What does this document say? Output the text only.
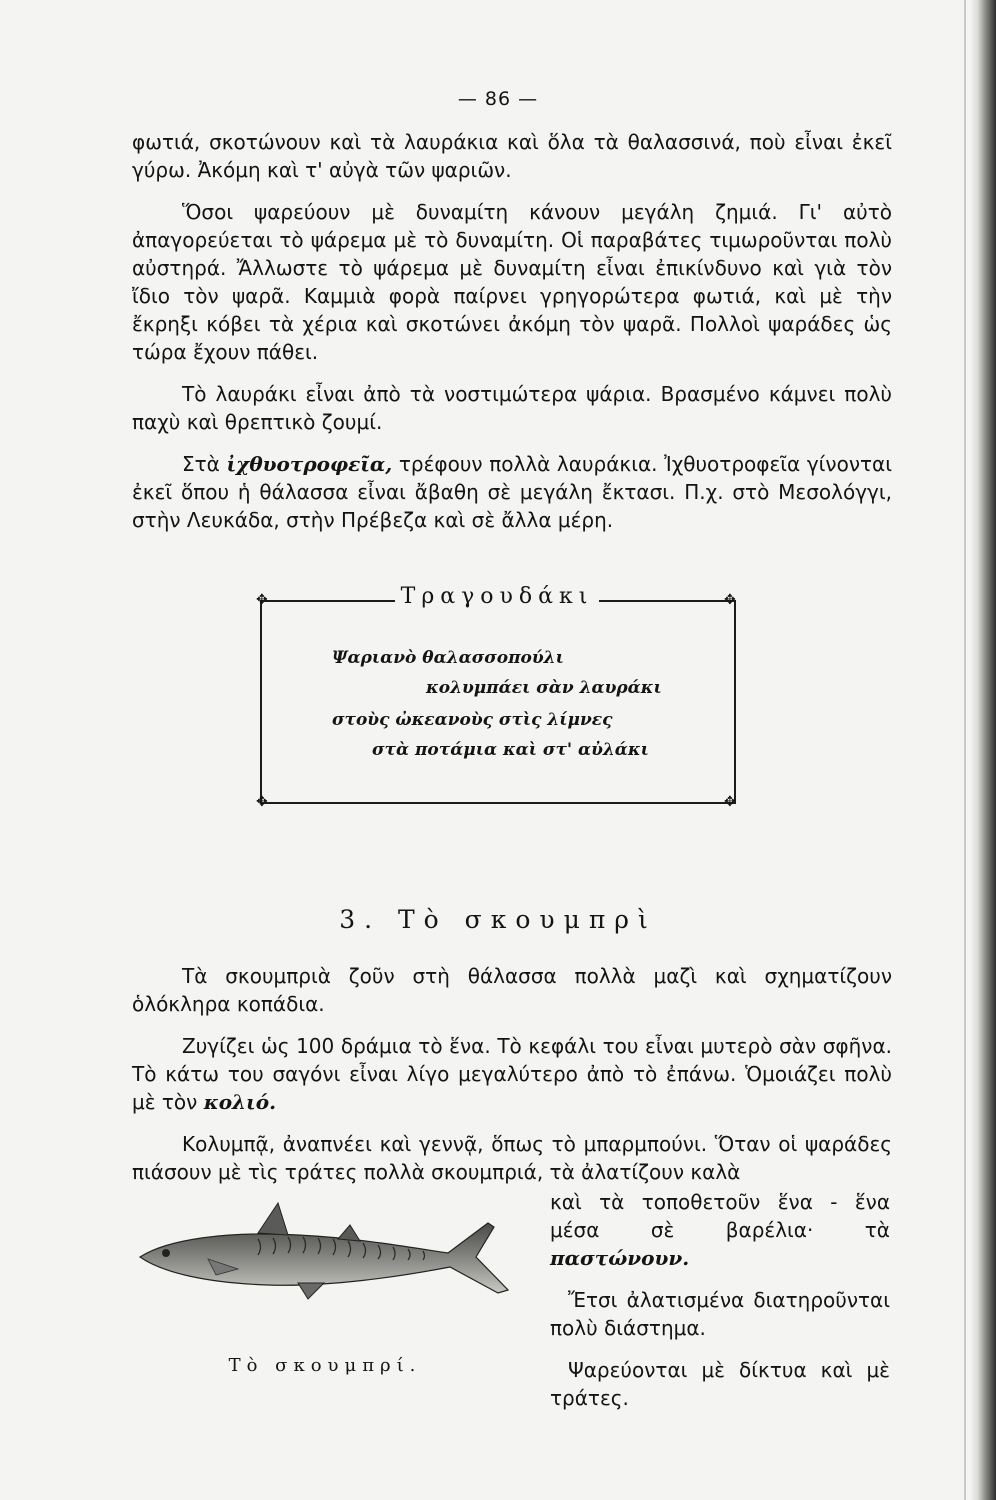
— 86 —

φωτιά, σκοτώνουν καὶ τὰ λαυράκια καὶ ὅλα τὰ θαλασσινά, ποὺ εἶναι ἐκεῖ γύρω. Ἀκόμη καὶ τ' αὐγὰ τῶν ψαριῶν.

Ὅσοι ψαρεύουν μὲ δυναμίτη κάνουν μεγάλη ζημιά. Γι' αὐτὸ ἀπαγορεύεται τὸ ψάρεμα μὲ τὸ δυναμίτη. Οἱ παραβάτες τιμωροῦνται πολὺ αὐστηρά. Ἄλλωστε τὸ ψάρεμα μὲ δυναμίτη εἶναι ἐπικίνδυνο καὶ γιὰ τὸν ἴδιο τὸν ψαρᾶ. Καμμιὰ φορὰ παίρνει γρηγορώτερα φωτιά, καὶ μὲ τὴν ἔκρηξι κόβει τὰ χέρια καὶ σκοτώνει ἀκόμη τὸν ψαρᾶ. Πολλοὶ ψαράδες ὡς τώρα ἔχουν πάθει.

Τὸ λαυράκι εἶναι ἀπὸ τὰ νοστιμώτερα ψάρια. Βρασμένο κάμνει πολὺ παχὺ καὶ θρεπτικὸ ζουμί.

Στὰ ἰχθυοτροφεῖα, τρέφουν πολλὰ λαυράκια. Ἰχθυοτροφεῖα γίνονται ἐκεῖ ὅπου ἡ θάλασσα εἶναι ἄβαθη σὲ μεγάλη ἔκτασι. Π.χ. στὸ Μεσολόγγι, στὴν Λευκάδα, στὴν Πρέβεζα καὶ σὲ ἄλλα μέρη.

✥	✥
✥	✥
Τραγουδάκι
Ψαριανὸ θαλασσοπούλι
κολυμπάει σὰν λαυράκι
στοὺς ὠκεανοὺς στὶς λίμνες
στὰ ποτάμια καὶ στ' αὐλάκι
3. Τὸ σκουμπρὶ

Τὰ σκουμπριὰ ζοῦν στὴ θάλασσα πολλὰ μαζὶ καὶ σχηματίζουν ὁλόκληρα κοπάδια.

Ζυγίζει ὡς 100 δράμια τὸ ἕνα. Τὸ κεφάλι του εἶναι μυτερὸ σὰν σφῆνα. Τὸ κάτω του σαγόνι εἶναι λίγο μεγαλύτερο ἀπὸ τὸ ἐπάνω. Ὁμοιάζει πολὺ μὲ τὸν κολιό.

Κολυμπᾷ, ἀναπνέει καὶ γεννᾷ, ὅπως τὸ μπαρμπούνι. Ὅταν οἱ ψαράδες πιάσουν μὲ τὶς τράτες πολλὰ σκουμπριά, τὰ ἀλατίζουν καλὰ

καὶ τὰ τοποθετοῦν ἕνα - ἕνα μέσα σὲ βαρέλια· τὰ παστώνουν.

Ἔτσι ἀλατισμένα διατηροῦνται πολὺ διάστημα.

Ψαρεύονται μὲ δίκτυα καὶ μὲ τράτες.

Τὸ σκουμπρί.
